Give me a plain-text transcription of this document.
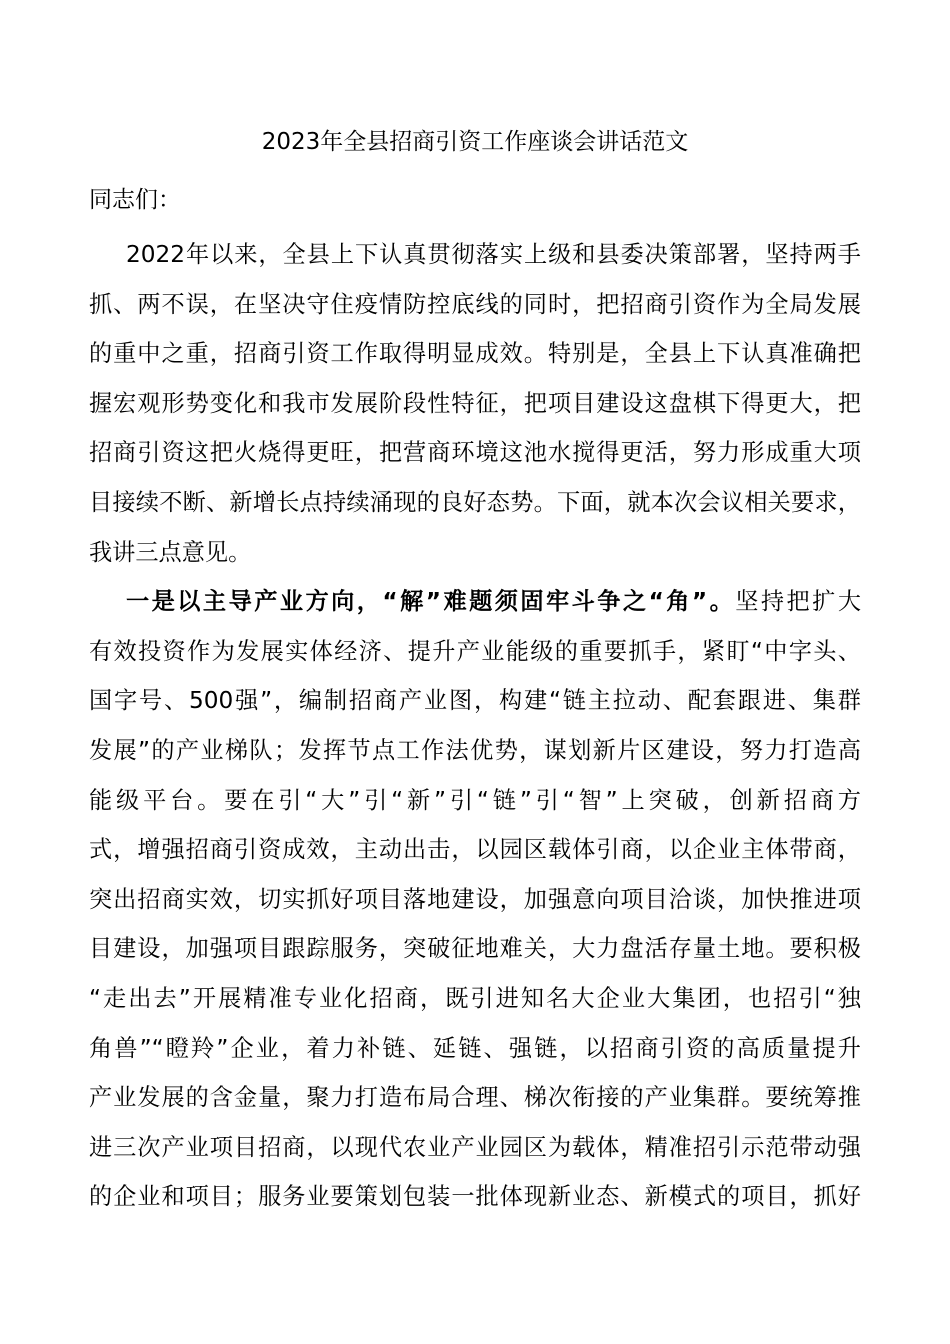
2023年全县招商引资工作座谈会讲话范文
同志们：
2022年以来，全县上下认真贯彻落实上级和县委决策部署，坚持两手
抓、两不误，在坚决守住疫情防控底线的同时，把招商引资作为全局发展
的重中之重，招商引资工作取得明显成效。特别是，全县上下认真准确把
握宏观形势变化和我市发展阶段性特征，把项目建设这盘棋下得更大，把
招商引资这把火烧得更旺，把营商环境这池水搅得更活，努力形成重大项
目接续不断、新增长点持续涌现的良好态势。下面，就本次会议相关要求，
我讲三点意见。
一是以主导产业方向，“解”难题须固牢斗争之“角”。坚持把扩大
有效投资作为发展实体经济、提升产业能级的重要抓手，紧盯“中字头、
国字号、500强”，编制招商产业图，构建“链主拉动、配套跟进、集群
发展”的产业梯队；发挥节点工作法优势，谋划新片区建设，努力打造高
能级平台。要在引“大”引“新”引“链”引“智”上突破，创新招商方
式，增强招商引资成效，主动出击，以园区载体引商，以企业主体带商，
突出招商实效，切实抓好项目落地建设，加强意向项目洽谈，加快推进项
目建设，加强项目跟踪服务，突破征地难关，大力盘活存量土地。要积极
“走出去”开展精准专业化招商，既引进知名大企业大集团，也招引“独
角兽”“瞪羚”企业，着力补链、延链、强链，以招商引资的高质量提升
产业发展的含金量，聚力打造布局合理、梯次衔接的产业集群。要统筹推
进三次产业项目招商，以现代农业产业园区为载体，精准招引示范带动强
的企业和项目；服务业要策划包装一批体现新业态、新模式的项目，抓好
